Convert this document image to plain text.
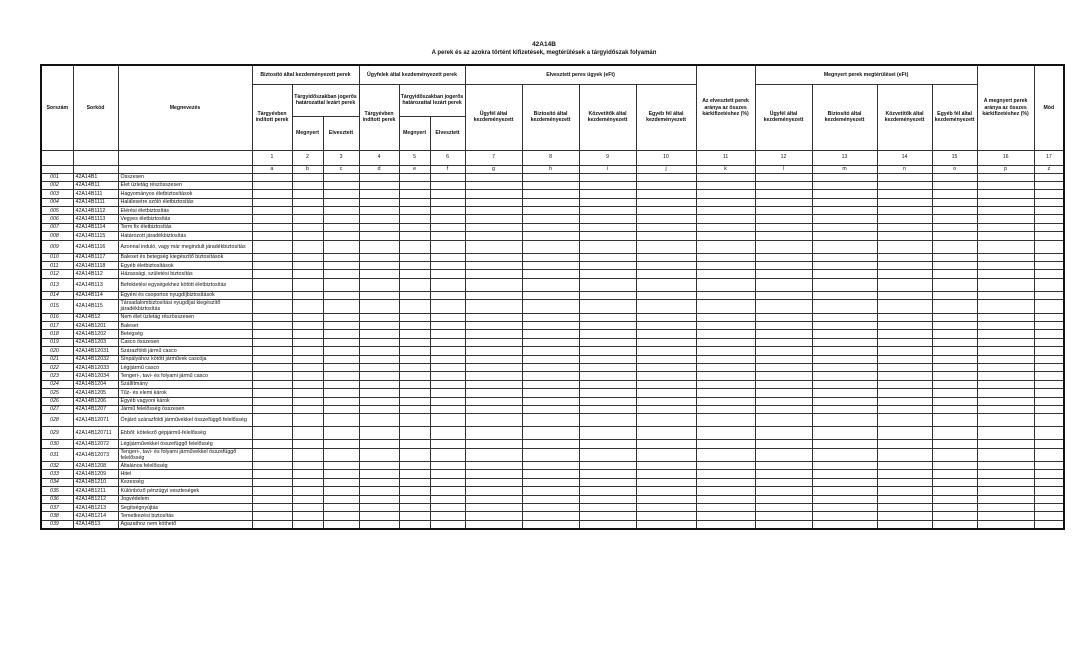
42A14B
A perek és az azokra történt kifizetések, megtérülések a tárgyidőszak folyamán
Sorszám	Sorkód	Megnevezés	Biztosító által kezdeményezett perek			Ügyfelek által kezdeményezett perek			Elvesztett peres ügyek (eFt)				Az elvesztett perek aránya az összes kárkifizetéshez (%)	Megnyert perek megtérülései (eFt)				A megnyert perek aránya az összes kárkifizetéshez (%)	Mód
			Tárgyévben indított perek	Tárgyidőszakban jogerős határozattal lezárt perek		Tárgyévben indított perek	Tárgyidőszakban jogerős határozattal lezárt perek		Ügyfél által kezdeményezett	Biztosító által kezdeményezett	Közvetítők által kezdeményezett	Egyéb fél által kezdeményezett		Ügyfél által kezdeményezett	Biztosító által kezdeményezett	Közvetítők által kezdeményezett	Egyéb fél által kezdeményezett		

				Megnyert	Elvesztett		Megnyert	Elvesztett											
			1	2	3	4	5	6	7	8	9	10	11	12	13	14	15	16	17
			a	b	c	d	e	f	g	h	i	j	k	l	m	n	o	p	z
001	42A14B1	Összesen																	
002	42A14B11	Élet üzletág részösszesen																	
003	42A14B111	Hagyományos életbiztosítások																	
004	42A14B1111	Halálesetre szóló életbiztosítás																	
005	42A14B1112	Elérési életbiztosítás																	
006	42A14B1113	Vegyes életbiztosítás																	
007	42A14B1114	Term fix életbiztosítás																	
008	42A14B1115	Határozott járadékbiztosítás																	
009	42A14B1116	Azonnal induló, vagy már megindult járadékbiztosítás																	
010	42A14B1117	Baleset és betegség kiegészítő biztosítások																	
011	42A14B1118	Egyéb életbiztosítások																	
012	42A14B112	Házassági, születési biztosítás																	
013	42A14B113	Befektetési egységekhez kötött életbiztosítás																	
014	42A14B114	Egyéni és csoportos nyugdíjbiztosítások																	
015	42A14B115	Társadalombiztosítási nyugdíjat kiegészítő járadékbiztosítás																	
016	42A14B12	Nem élet üzletág részösszesen																	
017	42A14B1201	Baleset																	
018	42A14B1202	Betegség																	
019	42A14B1203	Casco összesen																	
020	42A14B12031	Szárazföldi jármű casco																	
021	42A14B12032	Sínpályához kötött járművek cascója																	
022	42A14B12033	Légijármű casco																	
023	42A14B12034	Tengeri-, tavi- és folyami jármű casco																	
024	42A14B1204	Szállítmány																	
025	42A14B1205	Tűz- és elemi károk																	
026	42A14B1206	Egyéb vagyoni károk																	
027	42A14B1207	Jármű felelősség összesen																	
028	42A14B12071	Önjáró szárazföldi járművekkel összefüggő felelősség																	
029	42A14B120711	Ebből: kötelező gépjármű-felelősség																	
030	42A14B12072	Légijárművekkel összefüggő felelősség																	
031	42A14B12073	Tengeri-, tavi- és folyami járművekkel összefüggő felelősség																	
032	42A14B1208	Általános felelősség																	
033	42A14B1209	Hitel																	
034	42A14B1210	Kezesség																	
035	42A14B1211	Különböző pénzügyi veszteségek																	
036	42A14B1212	Jogvédelem																	
037	42A14B1213	Segítségnyújtás																	
038	42A14B1214	Temetkezési biztosítás																	
039	42A14B13	Ágazathoz nem köthető																	
